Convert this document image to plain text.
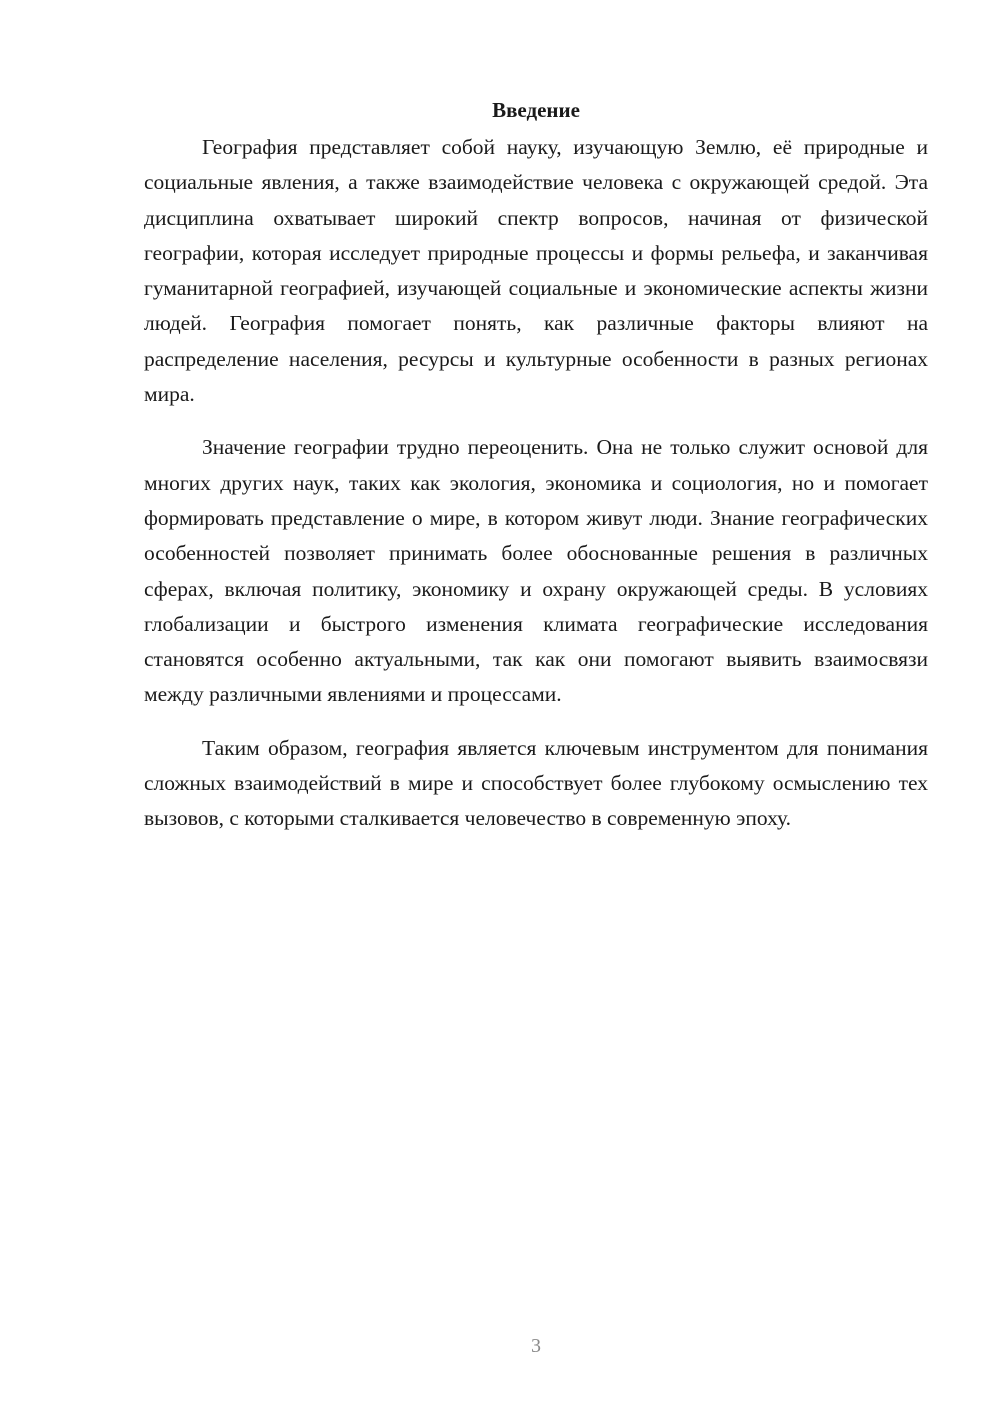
Введение

География представляет собой науку, изучающую Землю, её природные и социальные явления, а также взаимодействие человека с окружающей средой. Эта дисциплина охватывает широкий спектр вопросов, начиная от физической географии, которая исследует природные процессы и формы рельефа, и заканчивая гуманитарной географией, изучающей социальные и экономические аспекты жизни людей. География помогает понять, как различные факторы влияют на распределение населения, ресурсы и культурные особенности в разных регионах мира.

Значение географии трудно переоценить. Она не только служит основой для многих других наук, таких как экология, экономика и социология, но и помогает формировать представление о мире, в котором живут люди. Знание географических особенностей позволяет принимать более обоснованные решения в различных сферах, включая политику, экономику и охрану окружающей среды. В условиях глобализации и быстрого изменения климата географические исследования становятся особенно актуальными, так как они помогают выявить взаимосвязи между различными явлениями и процессами.

Таким образом, география является ключевым инструментом для понимания сложных взаимодействий в мире и способствует более глубокому осмыслению тех вызовов, с которыми сталкивается человечество в современную эпоху.

3
